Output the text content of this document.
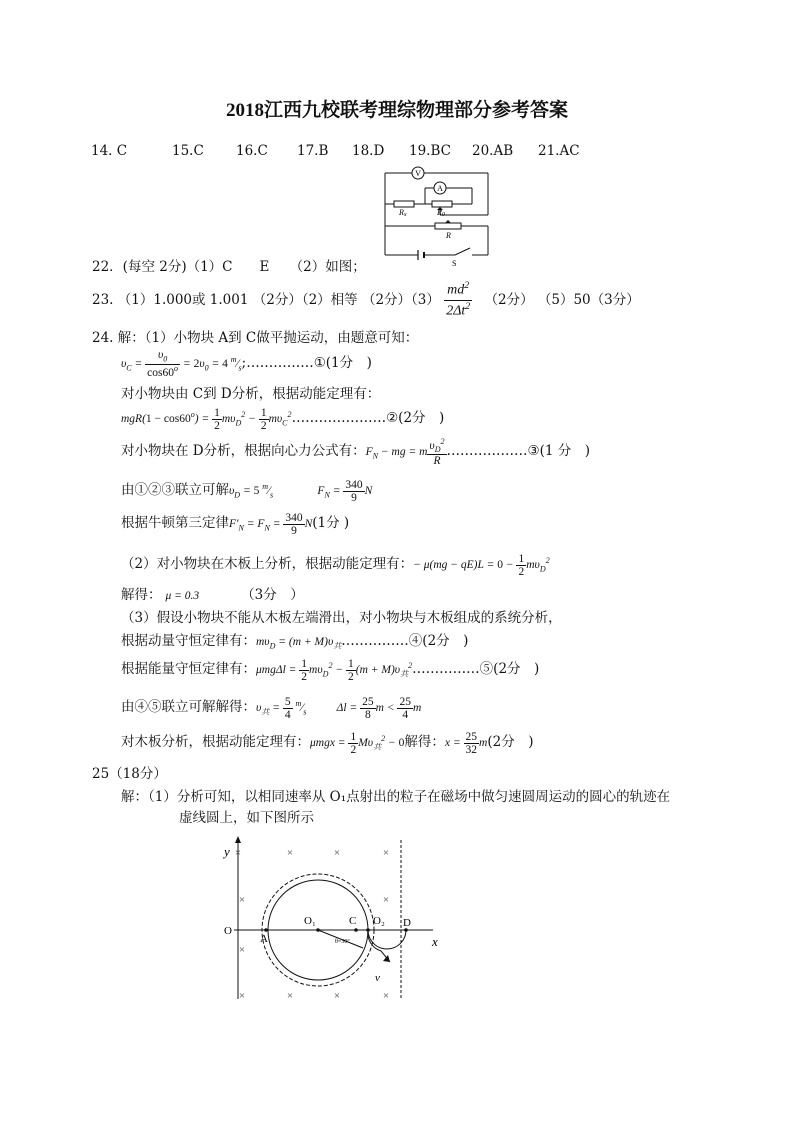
2018江西九校联考理综物理部分参考答案
14. C	15.C 16.C 17.B 18.D 19.BC 20.AB 21.AC
V
A
Rx	R0
R
S
22．(每空 2分)（1）C　　E　　（2）如图；
23. （1）1.000或 1.001 （2分）（2）相等 （2分）$(3) \frac{md^2}{2\Delta t^2} (2$分） （5）50（3分）
24. 解：（1）小物块 A到 C做平抛运动，由题意可知：
$\upsilon_C = \frac{\upsilon_0}{\cos 60^o} = 2\upsilon_0 = 4$ $^m⁄_s;\dots\dots\dots\dots\dots ①(1$分　)
对小物块由 C到 D分析，根据动能定理有：
$mgR(1 - \cos 60^o) = \frac{1}{2} m\upsilon_D^2 - \frac{1}{2}$ $m\upsilon_C^2\dots\dots\dots\dots\dots\dots\dots ②(2$分　)
对小物块在 D分析，根据向心力公式有：$F_N$ − mg = m $\frac{\upsilon_D^2}{R}$ ………………③(1 分　)
由①②③联立可解$\upsilon_D = 5$ $^m⁄_s$	$F_N = \frac{340}{9}$ N
根据牛顿第三定律$F'_N = F_N = \frac{340}{9} N(1$分 )
（2）对小物块在木板上分析，根据动能定理有：− $\mu(mg - qE)L = 0 - \frac{1}{2} m\upsilon_D^2$
解得： μ = 0.3	（3分　）
（3）假设小物块不能从木板左端滑出，对小物块与木板组成的系统分析，
根据动量守恒定律有：$m\upsilon_D = (m$ + $M)\upsilon_共\dots\dots\dots\dots\dots ④(2$分　)
根据能量守恒定律有：$\mu mg\Delta l = \frac{1}{2} m\upsilon_D^2 - \frac{1}{2} (m$ + $M)\upsilon_共^2\dots\dots\dots\dots\dots ⑤(2$分　)
由④⑤联立可解解得：$\upsilon_共 = \frac{5}{4}$ $^m⁄_s$	$\Delta l = \frac{25}{8}$ $m < \frac{25}{4}$ m
对木板分析，根据动能定理有：$\mu mgx = \frac{1}{2} M\upsilon_共^2 - 0$解得：$x = \frac{25}{32} m(2$分　)
25（18分）
解：（1）分析可知，以相同速率从 O₁点射出的粒子在磁场中做匀速圆周运动的圆心的轨迹在
虚线圆上，如下图所示
×	×	×	×
×	×
×
×	×	×	×
y
x
O
A
O₁	C O₂ D
v
θ=30°
